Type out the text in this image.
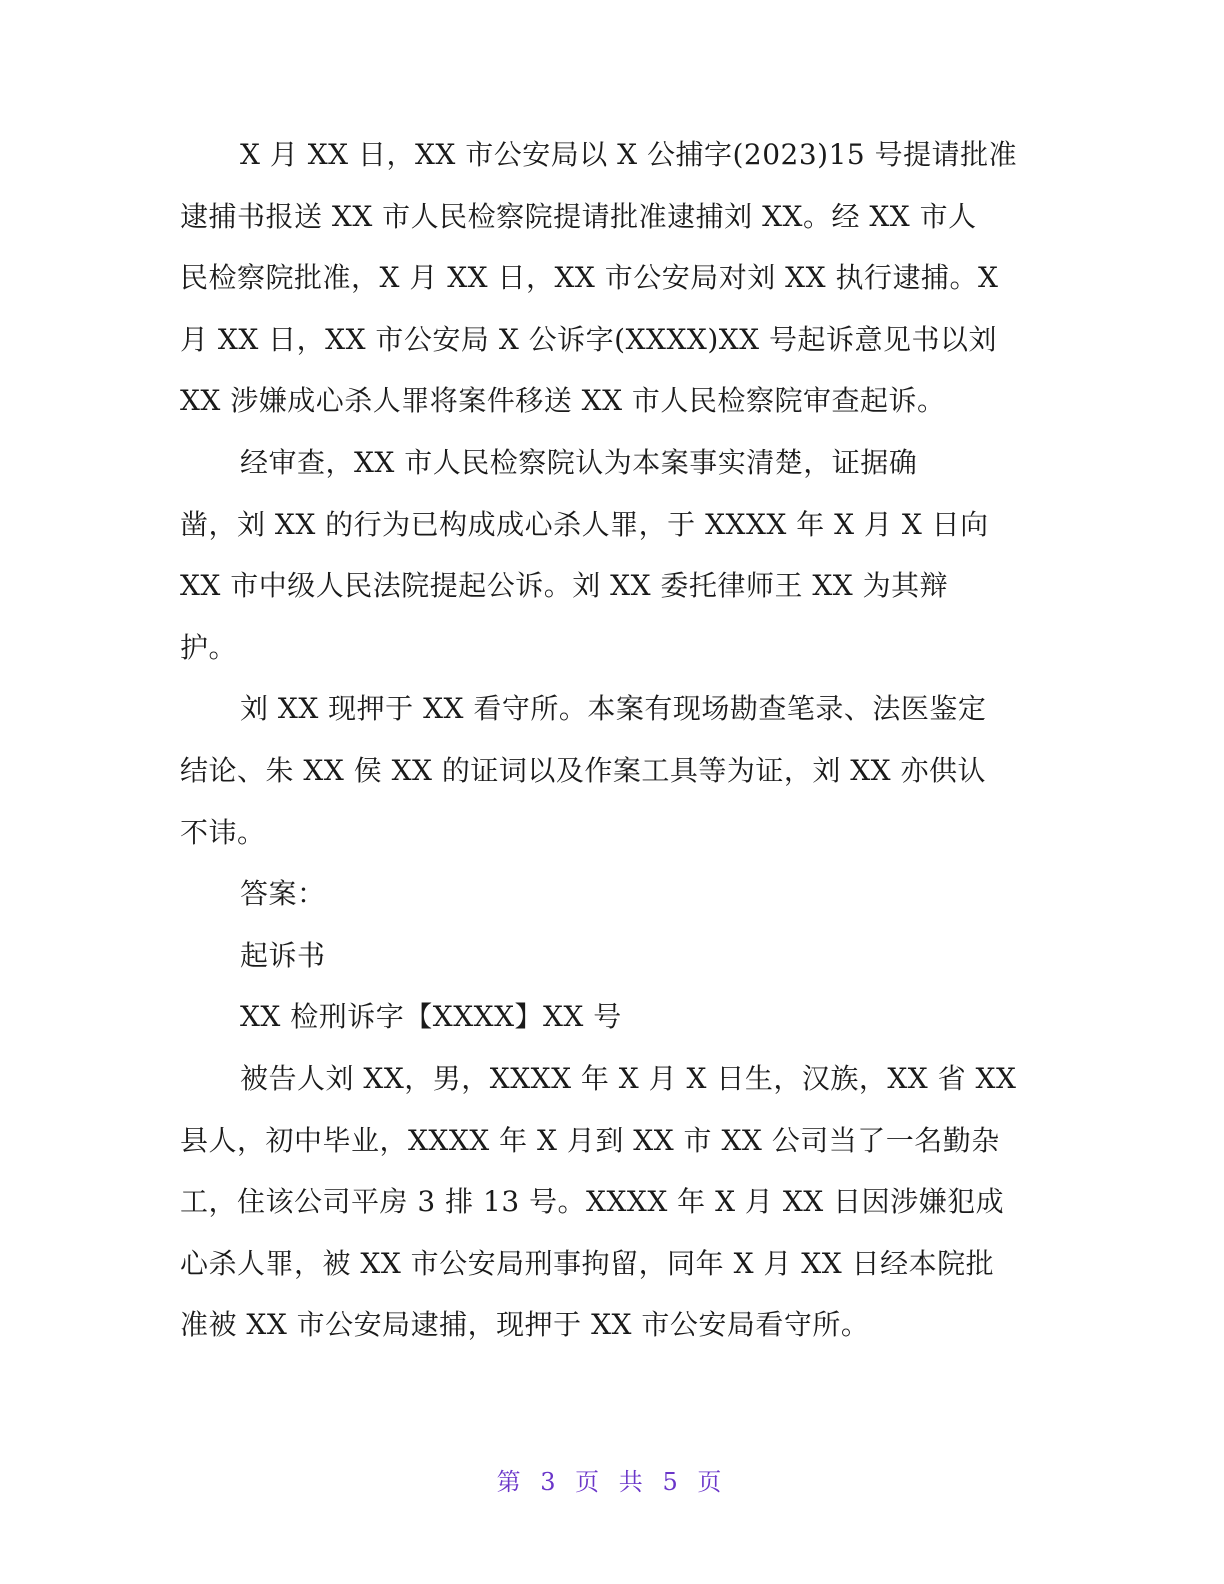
X 月 XX 日，XX 市公安局以 X 公捕字(2023)15 号提请批准
逮捕书报送 XX 市人民检察院提请批准逮捕刘 XX。经 XX 市人
民检察院批准，X 月 XX 日，XX 市公安局对刘 XX 执行逮捕。X
月 XX 日，XX 市公安局 X 公诉字(XXXX)XX 号起诉意见书以刘
XX 涉嫌成心杀人罪将案件移送 XX 市人民检察院审查起诉。
经审查，XX 市人民检察院认为本案事实清楚，证据确
凿，刘 XX 的行为已构成成心杀人罪，于 XXXX 年 X 月 X 日向
XX 市中级人民法院提起公诉。刘 XX 委托律师王 XX 为其辩
护。
刘 XX 现押于 XX 看守所。本案有现场勘查笔录、法医鉴定
结论、朱 XX 侯 XX 的证词以及作案工具等为证，刘 XX 亦供认
不讳。
答案：
起诉书
XX 检刑诉字【XXXX】XX 号
被告人刘 XX，男，XXXX 年 X 月 X 日生，汉族，XX 省 XX
县人，初中毕业，XXXX 年 X 月到 XX 市 XX 公司当了一名勤杂
工，住该公司平房 3 排 13 号。XXXX 年 X 月 XX 日因涉嫌犯成
心杀人罪，被 XX 市公安局刑事拘留，同年 X 月 XX 日经本院批
准被 XX 市公安局逮捕，现押于 XX 市公安局看守所。
第 3 页 共 5 页
